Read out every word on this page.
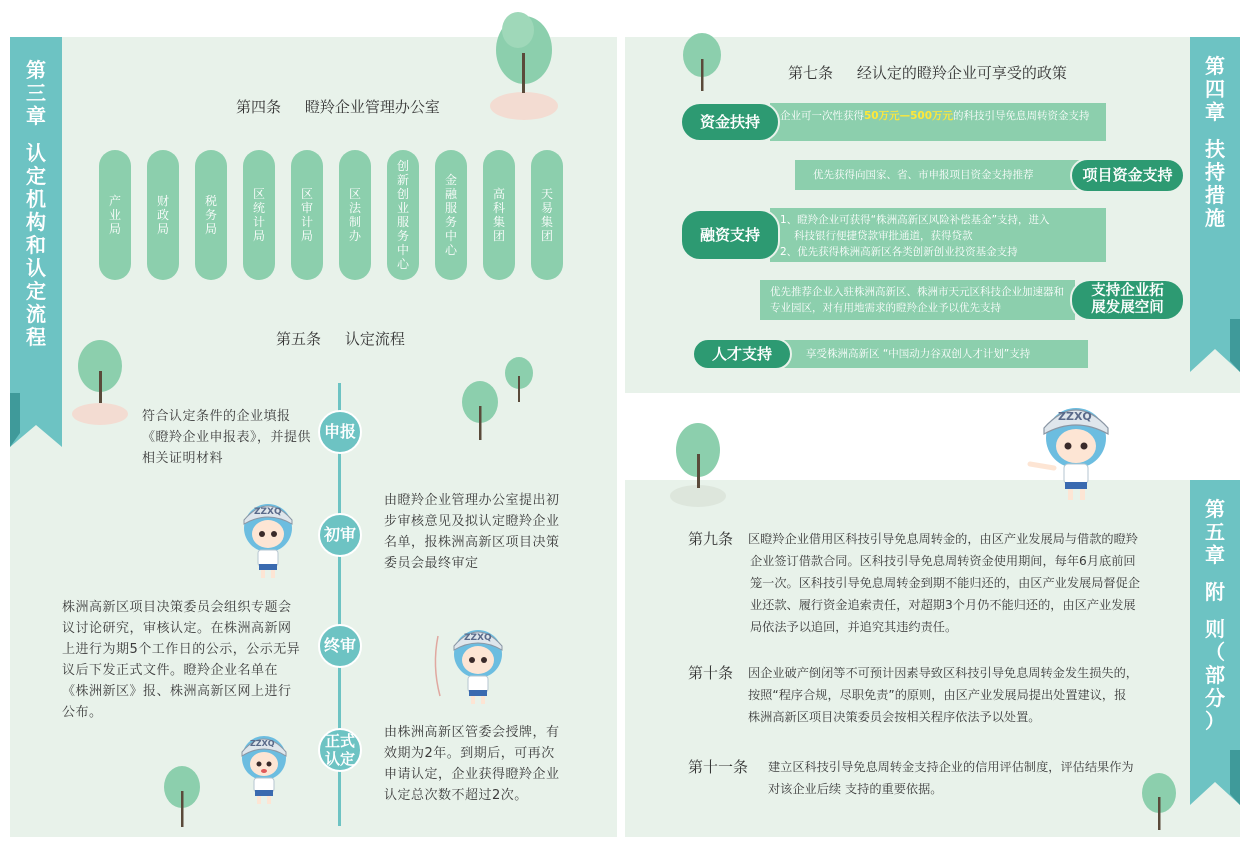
第
三
章

认
定
机
构
和
认
定
流
程
第
四
章

扶
持
措
施
第
五
章

附

则
（
部
分
）
第四条     瞪羚企业管理办公室
产业局
财政局
税务局
区统计局
区审计局
区法制办
创新创业服务中心
金融服务中心
高科集团
天易集团
第五条     认定流程
申报
符合认定条件的企业填报《瞪羚企业申报表》，并提供相关证明材料
初审
由瞪羚企业管理办公室提出初步审核意见及拟认定瞪羚企业名单，报株洲高新区项目决策委员会最终审定
终审
株洲高新区项目决策委员会组织专题会议讨论研究，审核认定。在株洲高新网上进行为期5个工作日的公示，公示无异议后下发正式文件。瞪羚企业名单在《株洲新区》报、株洲高新区网上进行公布。
正式
认定
由株洲高新区管委会授牌，有效期为2年。到期后，可再次申请认定，企业获得瞪羚企业认定总次数不超过2次。
第七条     经认定的瞪羚企业可享受的政策
企业可一次性获得50万元—500万元的科技引导免息周转资金支持
资金扶持
优先获得向国家、省、市申报项目资金支持推荐	项目资金支持
1、瞪羚企业可获得“株洲高新区风险补偿基金”支持，进入
科技银行便捷贷款审批通道，获得贷款
2、优先获得株洲高新区各类创新创业投资基金支持
融资支持
优先推荐企业入驻株洲高新区、株洲市天元区科技企业加速器和专业园区，对有用地需求的瞪羚企业予以优先支持
支持企业拓
展发展空间
享受株洲高新区 “中国动力谷双创人才计划”支持
人才支持
第九条 区瞪羚企业借用区科技引导免息周转金的，由区产业发展局与借款的瞪羚
企业签订借款合同。区科技引导免息周转资金使用期间，每年6月底前回
笼一次。区科技引导免息周转金到期不能归还的，由区产业发展局督促企
业还款、履行资金追索责任，对超期3个月仍不能归还的，由区产业发展
局依法予以追回，并追究其违约责任。
第十条 因企业破产倒闭等不可预计因素导致区科技引导免息周转金发生损失的，
按照“程序合规，尽职免责”的原则，由区产业发展局提出处置建议，报
株洲高新区项目决策委员会按相关程序依法予以处置。
第十一条 建立区科技引导免息周转金支持企业的信用评估制度，评估结果作为
对该企业后续 支持的重要依据。
ZZXQ
ZZXQ
ZZXQ
ZZXQ
